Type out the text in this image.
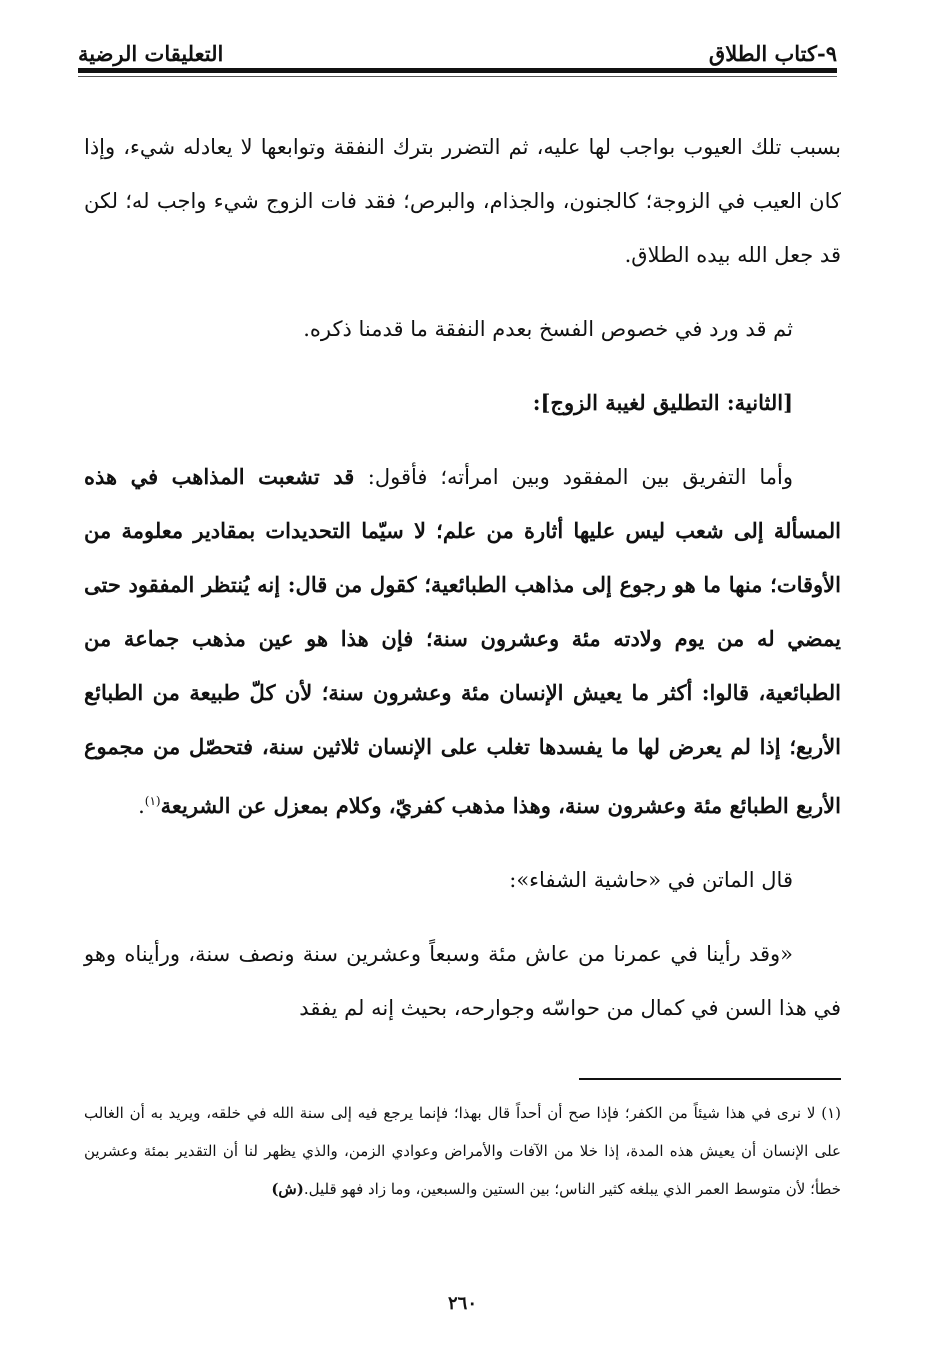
٩-كتاب الطلاق
التعليقات الرضية

بسبب تلك العيوب بواجب لها عليه، ثم التضرر بترك النفقة وتوابعها لا يعادله شيء، وإذا كان العيب في الزوجة؛ كالجنون، والجذام، والبرص؛ فقد فات الزوج شيء واجب له؛ لكن قد جعل الله بيده الطلاق.

ثم قد ورد في خصوص الفسخ بعدم النفقة ما قدمنا ذكره.

[الثانية: التطليق لغيبة الزوج]:

وأما التفريق بين المفقود وبين امرأته؛ فأقول: قد تشعبت المذاهب في هذه المسألة إلى شعب ليس عليها أثارة من علم؛ لا سيّما التحديدات بمقادير معلومة من الأوقات؛ منها ما هو رجوع إلى مذاهب الطبائعية؛ كقول من قال: إنه يُنتظر المفقود حتى يمضي له من يوم ولادته مئة وعشرون سنة؛ فإن هذا هو عين مذهب جماعة من الطبائعية، قالوا: أكثر ما يعيش الإنسان مئة وعشرون سنة؛ لأن كلّ طبيعة من الطبائع الأربع؛ إذا لم يعرض لها ما يفسدها تغلب على الإنسان ثلاثين سنة، فتحصّل من مجموع الأربع الطبائع مئة وعشرون سنة، وهذا مذهب كفريّ، وكلام بمعزل عن الشريعة$^{(١)}$.

قال الماتن في «حاشية الشفاء»:

«وقد رأينا في عمرنا من عاش مئة وسبعاً وعشرين سنة ونصف سنة، ورأيناه وهو في هذا السن في كمال من حواسّه وجوارحه، بحيث إنه لم يفقد

(١) لا نرى في هذا شيئاً من الكفر؛ فإذا صح أن أحداً قال بهذا؛ فإنما يرجع فيه إلى سنة الله في خلقه، ويريد به أن الغالب على الإنسان أن يعيش هذه المدة، إذا خلا من الآفات والأمراض وعوادي الزمن، والذي يظهر لنا أن التقدير بمئة وعشرين خطأ؛ لأن متوسط العمر الذي يبلغه كثير الناس؛ بين الستين والسبعين، وما زاد فهو قليل.(ش)

٢٦٠
